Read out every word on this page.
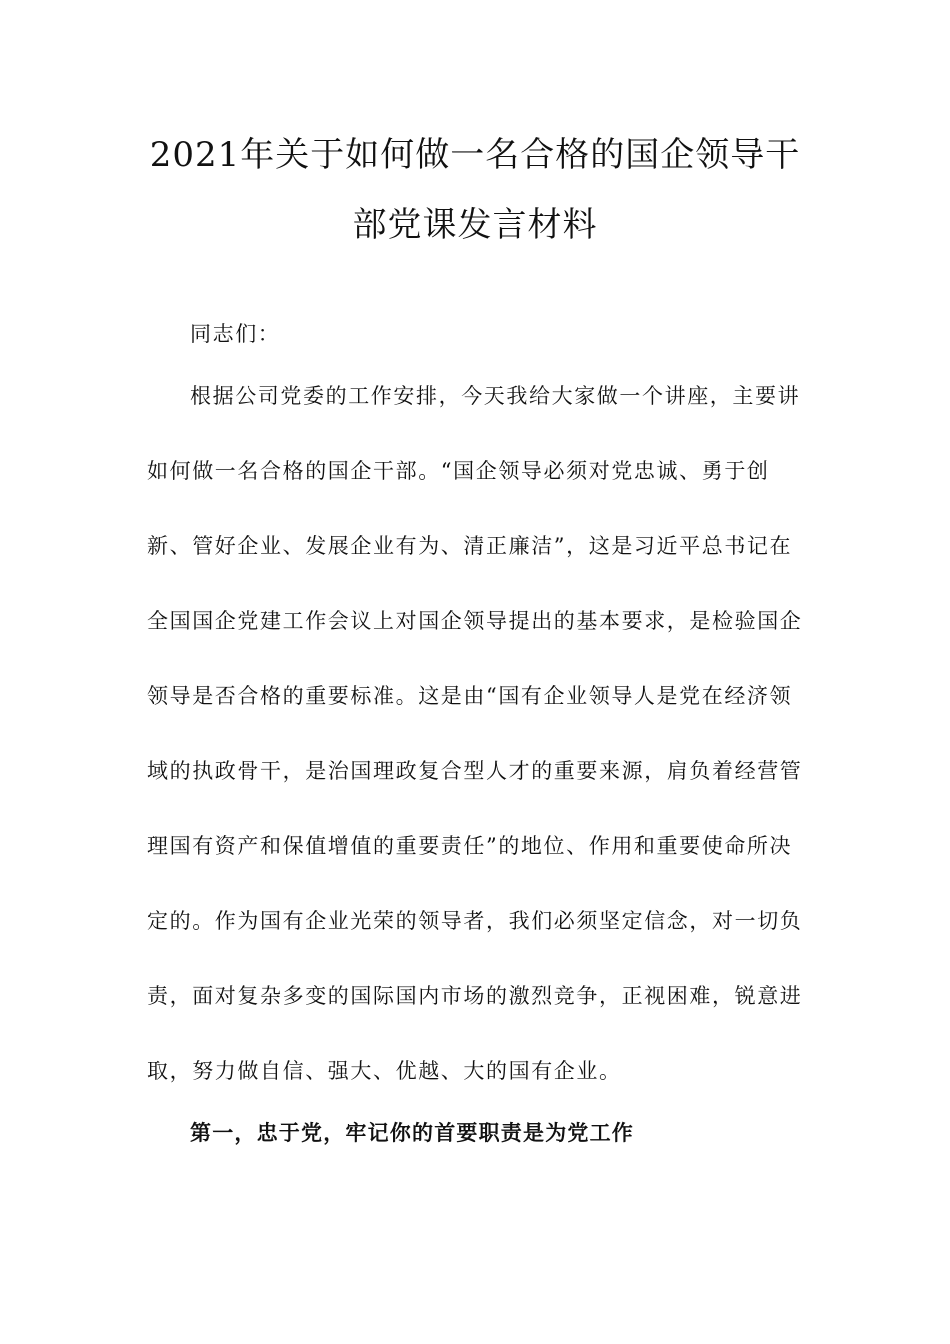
2021年关于如何做一名合格的国企领导干
部党课发言材料

同志们：

根据公司党委的工作安排，今天我给大家做一个讲座，主要讲

如何做一名合格的国企干部。“国企领导必须对党忠诚、勇于创

新、管好企业、发展企业有为、清正廉洁”，这是习近平总书记在

全国国企党建工作会议上对国企领导提出的基本要求，是检验国企

领导是否合格的重要标准。这是由“国有企业领导人是党在经济领

域的执政骨干，是治国理政复合型人才的重要来源，肩负着经营管

理国有资产和保值增值的重要责任”的地位、作用和重要使命所决

定的。作为国有企业光荣的领导者，我们必须坚定信念，对一切负

责，面对复杂多变的国际国内市场的激烈竞争，正视困难，锐意进

取，努力做自信、强大、优越、大的国有企业。

第一，忠于党，牢记你的首要职责是为党工作
